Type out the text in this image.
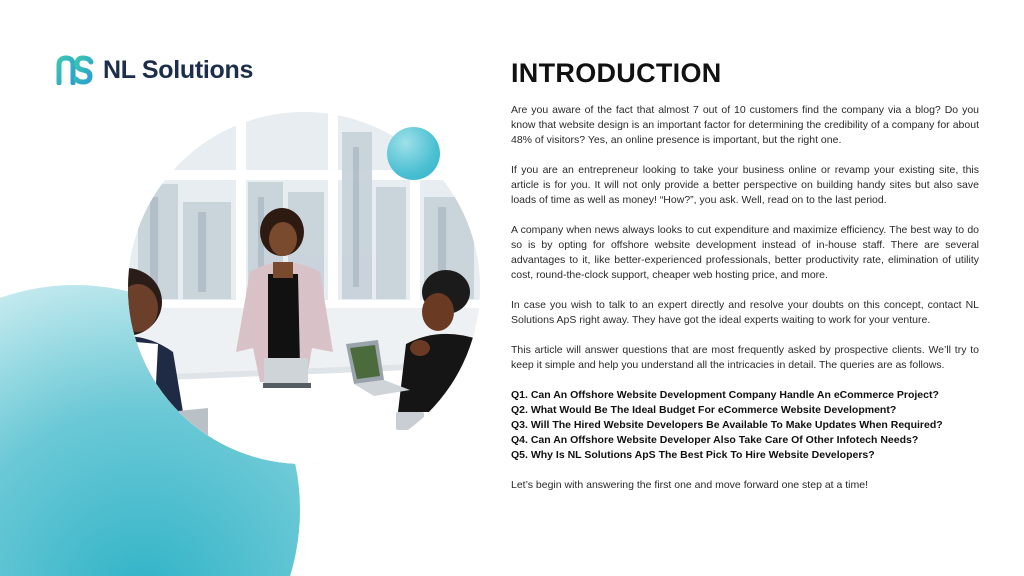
NL Solutions	INTRODUCTION

Are you aware of the fact that almost 7 out of 10 customers find the company via a blog? Do you know that website design is an important factor for determining the credibility of a company for about 48% of visitors? Yes, an online presence is important, but the right one.

If you are an entrepreneur looking to take your business online or revamp your existing site, this article is for you. It will not only provide a better perspective on building handy sites but also save loads of time as well as money! “How?”, you ask. Well, read on to the last period.

A company when news always looks to cut expenditure and maximize efficiency. The best way to do so is by opting for offshore website development instead of in-house staff. There are several advantages to it, like better-experienced professionals, better productivity rate, elimination of utility cost, round-the-clock support, cheaper web hosting price, and more.

In case you wish to talk to an expert directly and resolve your doubts on this concept, contact NL Solutions ApS right away. They have got the ideal experts waiting to work for your venture.

This article will answer questions that are most frequently asked by prospective clients. We’ll try to keep it simple and help you understand all the intricacies in detail. The queries are as follows.

Q1. Can An Offshore Website Development Company Handle An eCommerce Project?
Q2. What Would Be The Ideal Budget For eCommerce Website Development?
Q3. Will The Hired Website Developers Be Available To Make Updates When Required?
Q4. Can An Offshore Website Developer Also Take Care Of Other Infotech Needs?
Q5. Why Is NL Solutions ApS The Best Pick To Hire Website Developers?

Let’s begin with answering the first one and move forward one step at a time!
